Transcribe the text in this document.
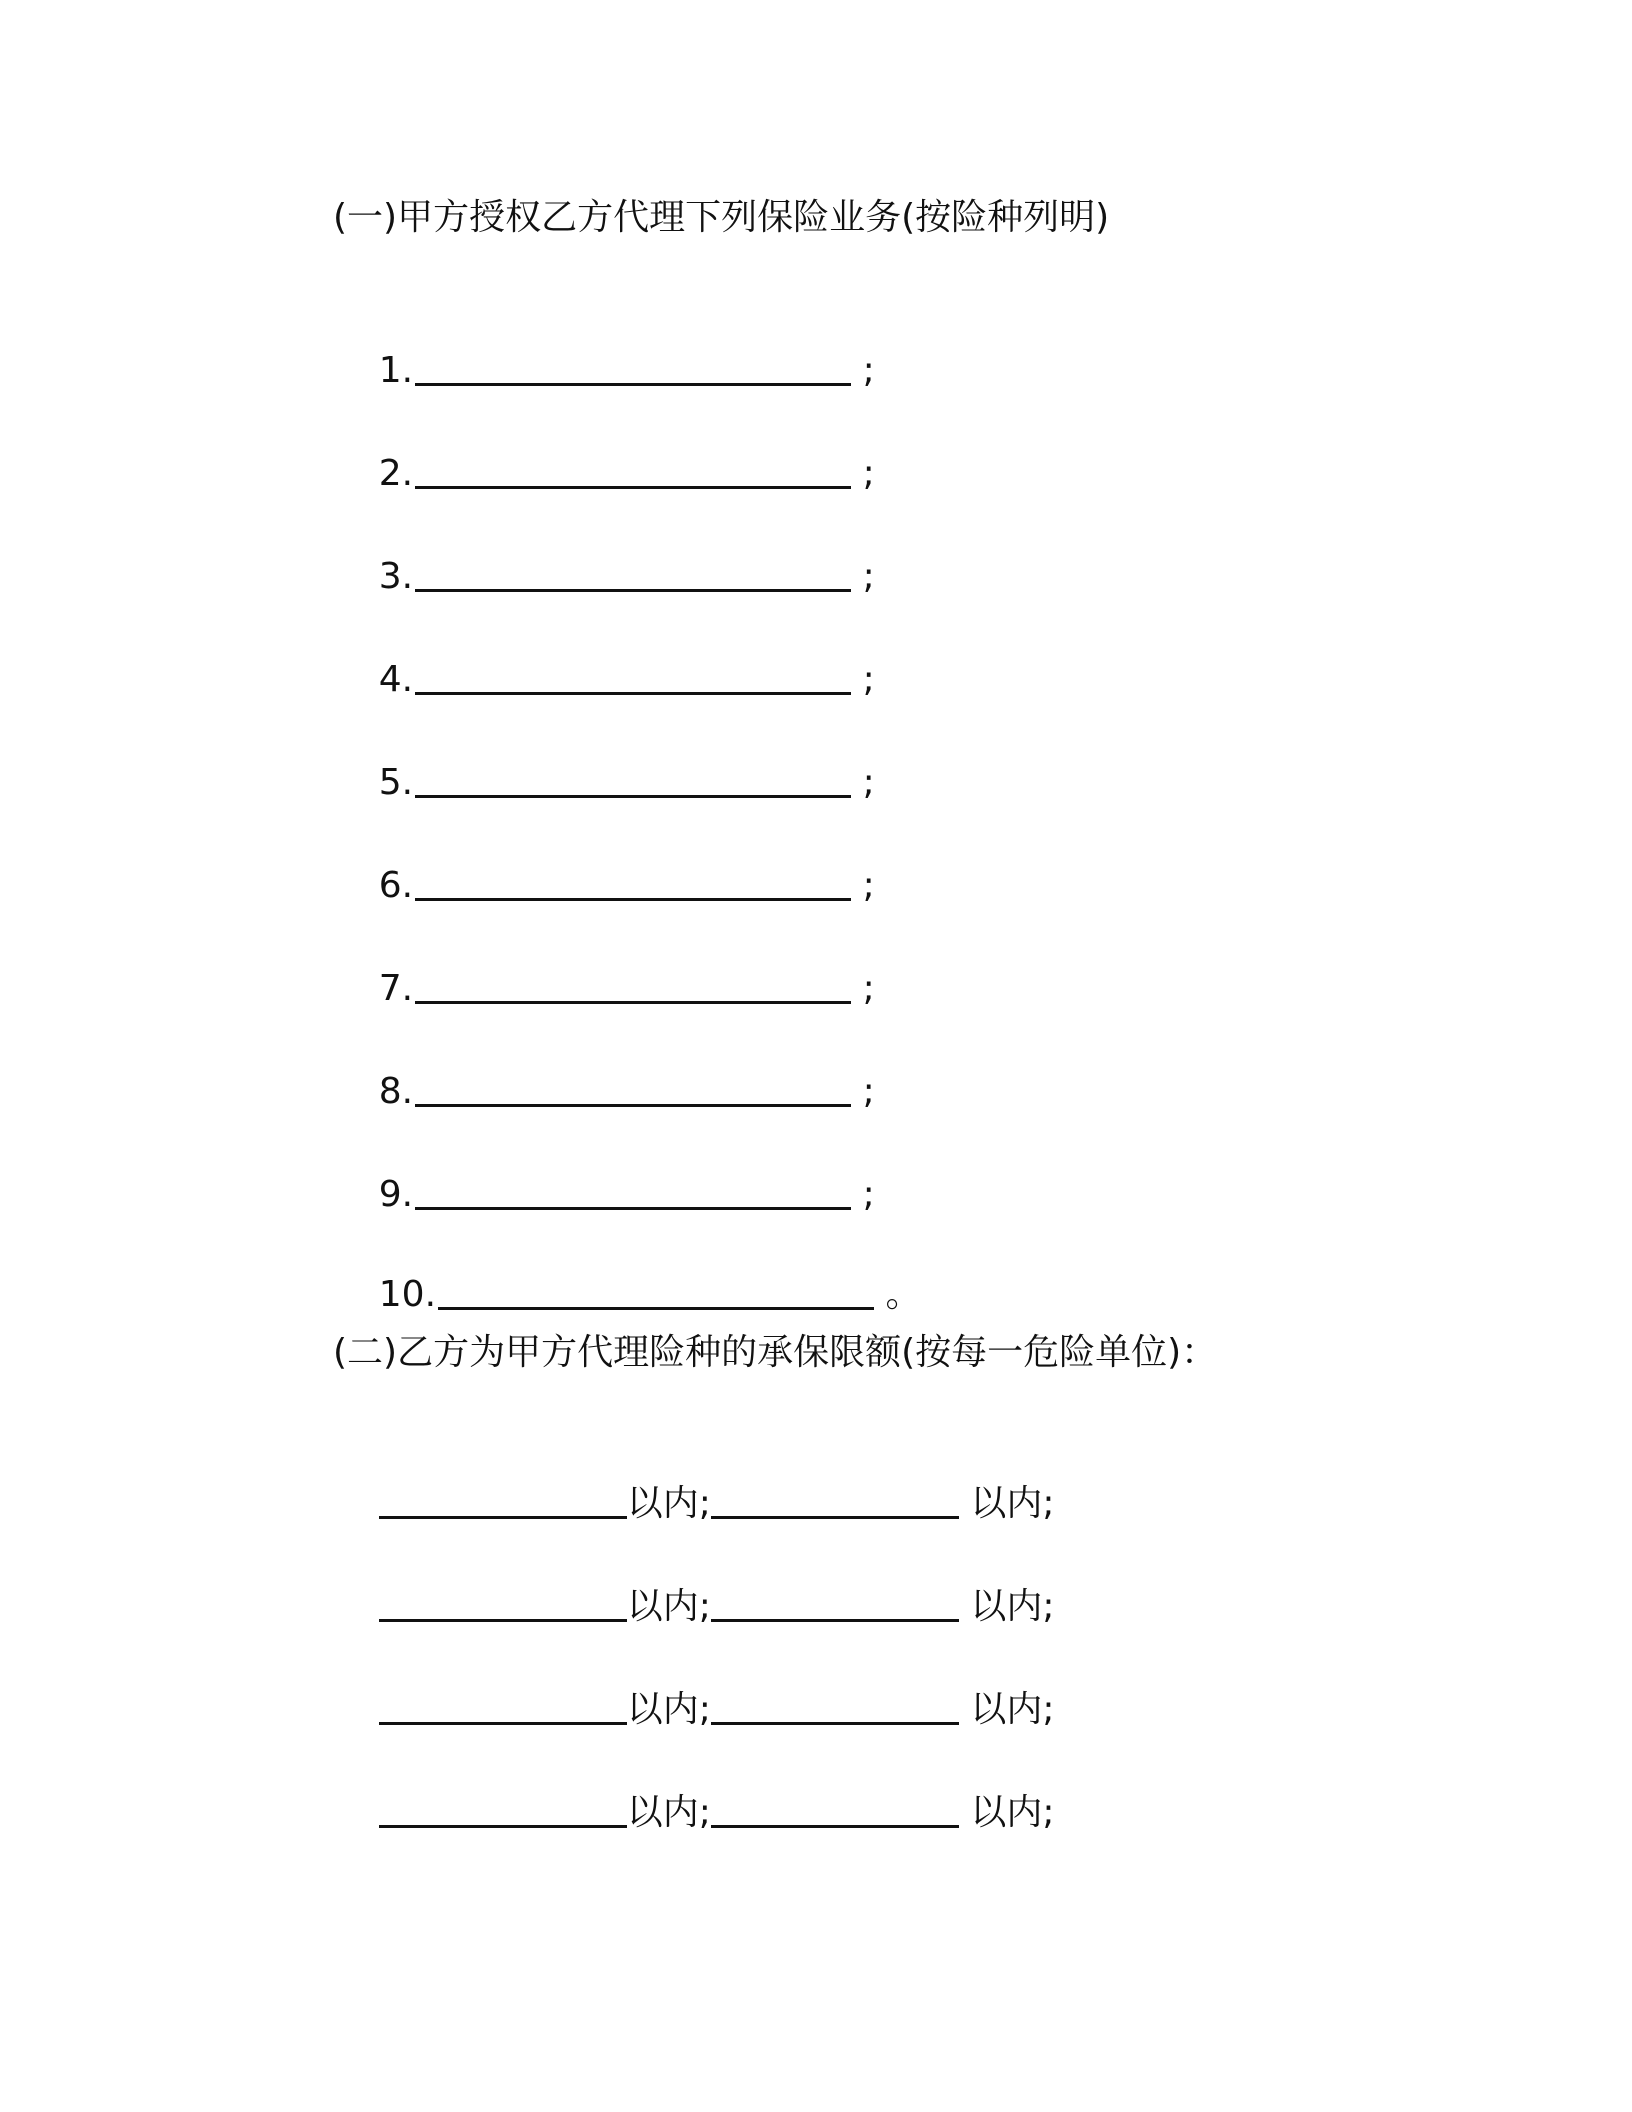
(一)甲方授权乙方代理下列保险业务(按险种列明)

1.	;

2.	;

3.	;

4.	;

5.	;

6.	;

7.	;

8.	;

9.	;

10.	。

(二)乙方为甲方代理险种的承保限额(按每一危险单位)：

以内;	以内;

以内;	以内;

以内;	以内;

以内;	以内;
